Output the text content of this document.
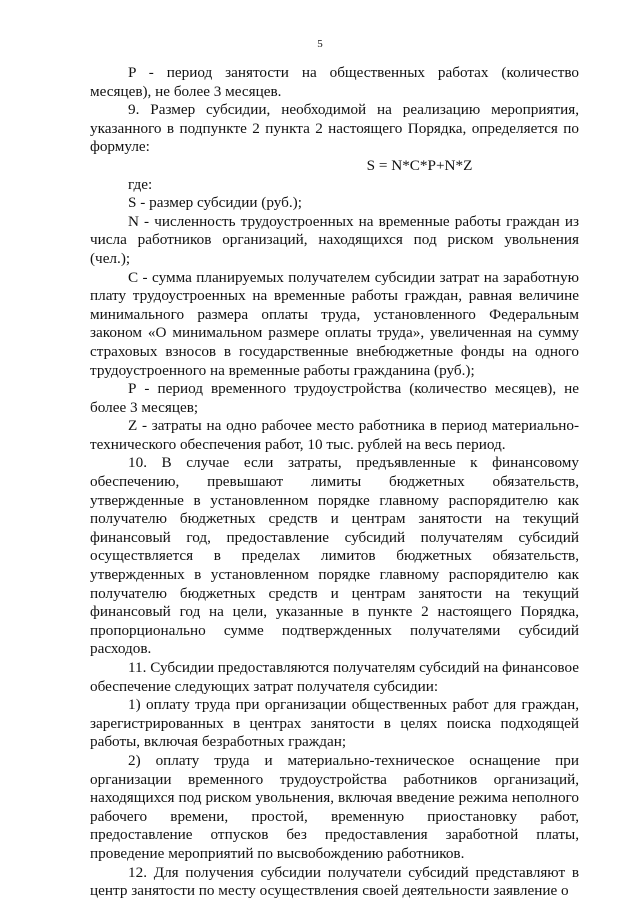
5

P - период занятости на общественных работах (количество месяцев), не более 3 месяцев.

9. Размер субсидии, необходимой на реализацию мероприятия, указанного в подпункте 2 пункта 2 настоящего Порядка, определяется по формуле:

S = N*C*P+N*Z

где:

S - размер субсидии (руб.);

N - численность трудоустроенных на временные работы граждан из числа работников организаций, находящихся под риском увольнения (чел.);

С - сумма планируемых получателем субсидии затрат на заработную плату трудоустроенных на временные работы граждан, равная величине минимального размера оплаты труда, установленного Федеральным законом «О минимальном размере оплаты труда», увеличенная на сумму страховых взносов в государственные внебюджетные фонды на одного трудоустроенного на временные работы гражданина (руб.);

Р - период временного трудоустройства (количество месяцев), не более 3 месяцев;

Z - затраты на одно рабочее место работника в период материально-технического обеспечения работ, 10 тыс. рублей на весь период.

10. В случае если затраты, предъявленные к финансовому обеспечению, превышают лимиты бюджетных обязательств, утвержденные в установленном порядке главному распорядителю как получателю бюджетных средств и центрам занятости на текущий финансовый год, предоставление субсидий получателям субсидий осуществляется в пределах лимитов бюджетных обязательств, утвержденных в установленном порядке главному распорядителю как получателю бюджетных средств и центрам занятости на текущий финансовый год на цели, указанные в пункте 2 настоящего Порядка, пропорционально сумме подтвержденных получателями субсидий расходов.

11. Субсидии предоставляются получателям субсидий на финансовое обеспечение следующих затрат получателя субсидии:

1) оплату труда при организации общественных работ для граждан, зарегистрированных в центрах занятости в целях поиска подходящей работы, включая безработных граждан;

2) оплату труда и материально-техническое оснащение при организации временного трудоустройства работников организаций, находящихся под риском увольнения, включая введение режима неполного рабочего времени, простой, временную приостановку работ, предоставление отпусков без предоставления заработной платы, проведение мероприятий по высвобождению работников.

12. Для получения субсидии получатели субсидий представляют в центр занятости по месту осуществления своей деятельности заявление о
